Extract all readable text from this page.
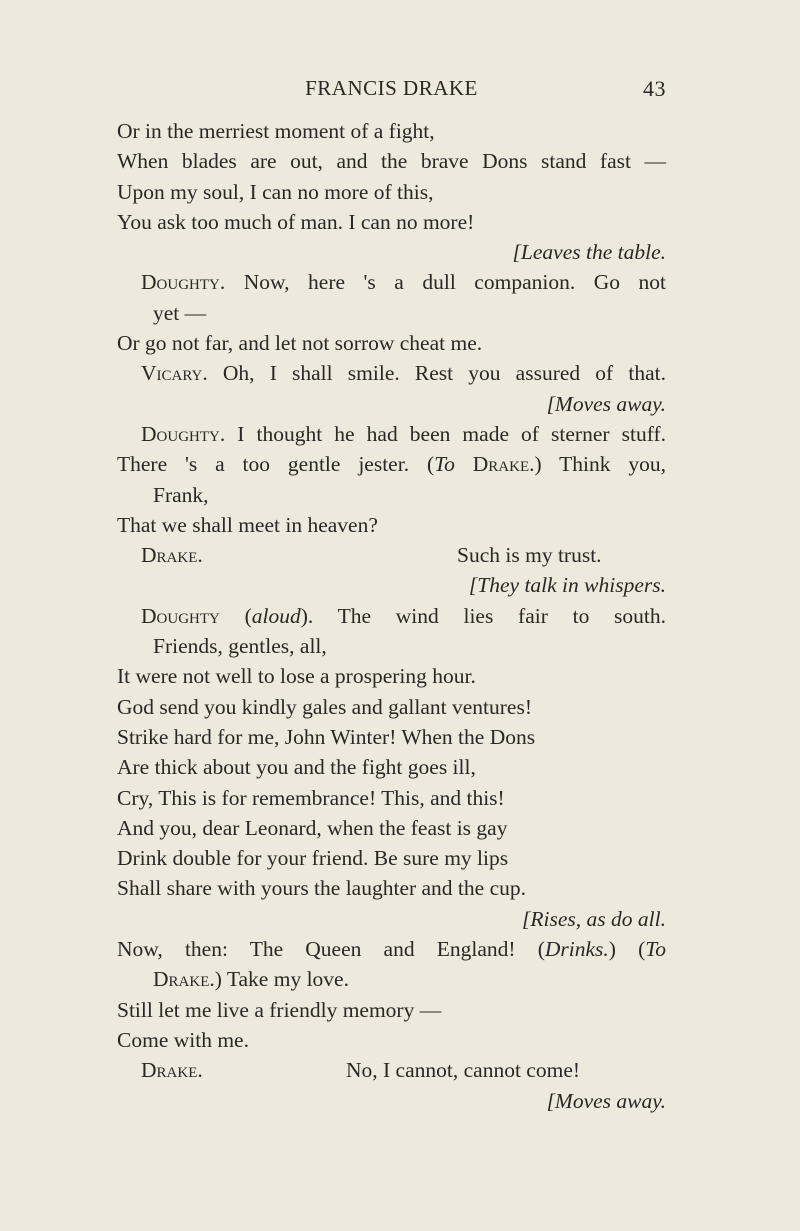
FRANCIS DRAKE	43
Or in the merriest moment of a fight,
When blades are out, and the brave Dons stand fast —
Upon my soul, I can no more of this,
You ask too much of man. I can no more!
[Leaves the table.
Doughty. Now, here 's a dull companion. Go not
yet —
Or go not far, and let not sorrow cheat me.
Vicary. Oh, I shall smile. Rest you assured of that.
[Moves away.
Doughty. I thought he had been made of sterner stuff.
There 's a too gentle jester. (To Drake.) Think you,
Frank,
That we shall meet in heaven?
Drake.	Such is my trust.
[They talk in whispers.
Doughty (aloud). The wind lies fair to south.
Friends, gentles, all,
It were not well to lose a prospering hour.
God send you kindly gales and gallant ventures!
Strike hard for me, John Winter! When the Dons
Are thick about you and the fight goes ill,
Cry, This is for remembrance! This, and this!
And you, dear Leonard, when the feast is gay
Drink double for your friend. Be sure my lips
Shall share with yours the laughter and the cup.
[Rises, as do all.
Now, then: The Queen and England! (Drinks.) (To
Drake.) Take my love.
Still let me live a friendly memory —
Come with me.
Drake.	No, I cannot, cannot come!
[Moves away.
